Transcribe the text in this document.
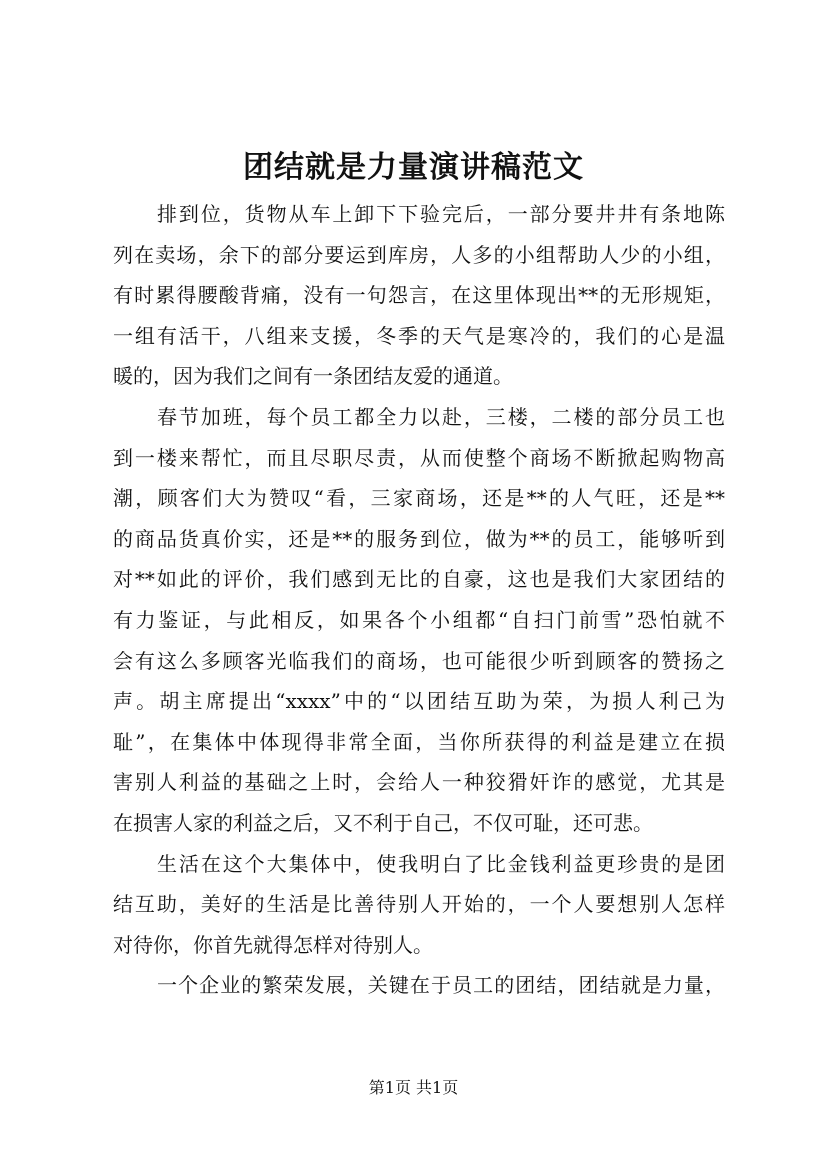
团结就是力量演讲稿范文
排到位，货物从车上卸下下验完后，一部分要井井有条地陈
列在卖场，余下的部分要运到库房，人多的小组帮助人少的小组，
有时累得腰酸背痛，没有一句怨言，在这里体现出**的无形规矩，
一组有活干，八组来支援，冬季的天气是寒冷的，我们的心是温
暖的，因为我们之间有一条团结友爱的通道。
春节加班，每个员工都全力以赴，三楼，二楼的部分员工也
到一楼来帮忙，而且尽职尽责，从而使整个商场不断掀起购物高
潮，顾客们大为赞叹“看，三家商场，还是**的人气旺，还是**
的商品货真价实，还是**的服务到位，做为**的员工，能够听到
对**如此的评价，我们感到无比的自豪，这也是我们大家团结的
有力鉴证，与此相反，如果各个小组都“自扫门前雪”恐怕就不
会有这么多顾客光临我们的商场，也可能很少听到顾客的赞扬之
声。胡主席提出“xxxx”中的“以团结互助为荣，为损人利己为
耻”，在集体中体现得非常全面，当你所获得的利益是建立在损
害别人利益的基础之上时，会给人一种狡猾奸诈的感觉，尤其是
在损害人家的利益之后，又不利于自己，不仅可耻，还可悲。
生活在这个大集体中，使我明白了比金钱利益更珍贵的是团
结互助，美好的生活是比善待别人开始的，一个人要想别人怎样
对待你，你首先就得怎样对待别人。
一个企业的繁荣发展，关键在于员工的团结，团结就是力量，
第1页 共1页
